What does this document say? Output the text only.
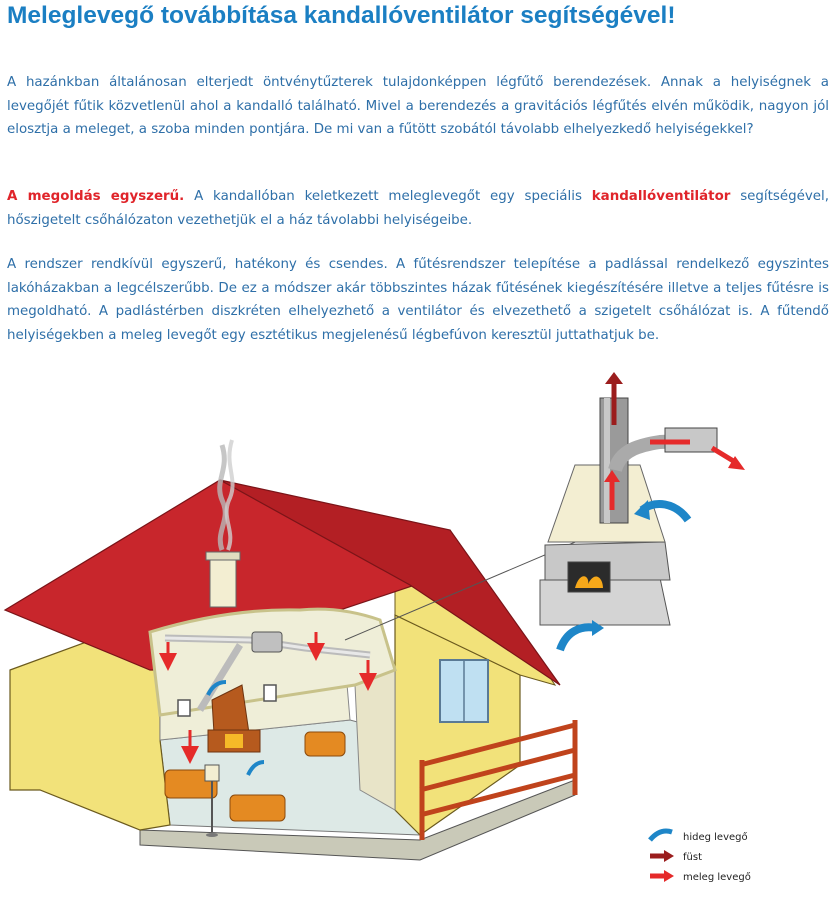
Meleglevegő továbbítása kandallóventilátor segítségével!

A hazánkban általánosan elterjedt öntvénytűzterek tulajdonképpen légfűtő berendezések. Annak a helyiségnek a levegőjét fűtik közvetlenül ahol a kandalló található. Mivel a berendezés a gravitációs légfűtés elvén működik, nagyon jól elosztja a meleget, a szoba minden pontjára. De mi van a fűtött szobától távolabb elhelyezkedő helyiségekkel?

A megoldás egyszerű. A kandallóban keletkezett meleglevegőt egy speciális kandallóventilátor segítségével, hőszigetelt csőhálózaton vezethetjük el a ház távolabbi helyiségeibe.

A rendszer rendkívül egyszerű, hatékony és csendes. A fűtésrendszer telepítése a padlással rendelkező egyszintes lakóházakban a legcélszerűbb. De ez a módszer akár többszintes házak fűtésének kiegészítésére illetve a teljes fűtésre is megoldható. A padlástérben diszkréten elhelyezhető a ventilátor és elvezethető a szigetelt csőhálózat is. A fűtendő helyiségekben a meleg levegőt egy esztétikus megjelenésű légbefúvon keresztül juttathatjuk be.

hideg levegő
füst
meleg levegő
